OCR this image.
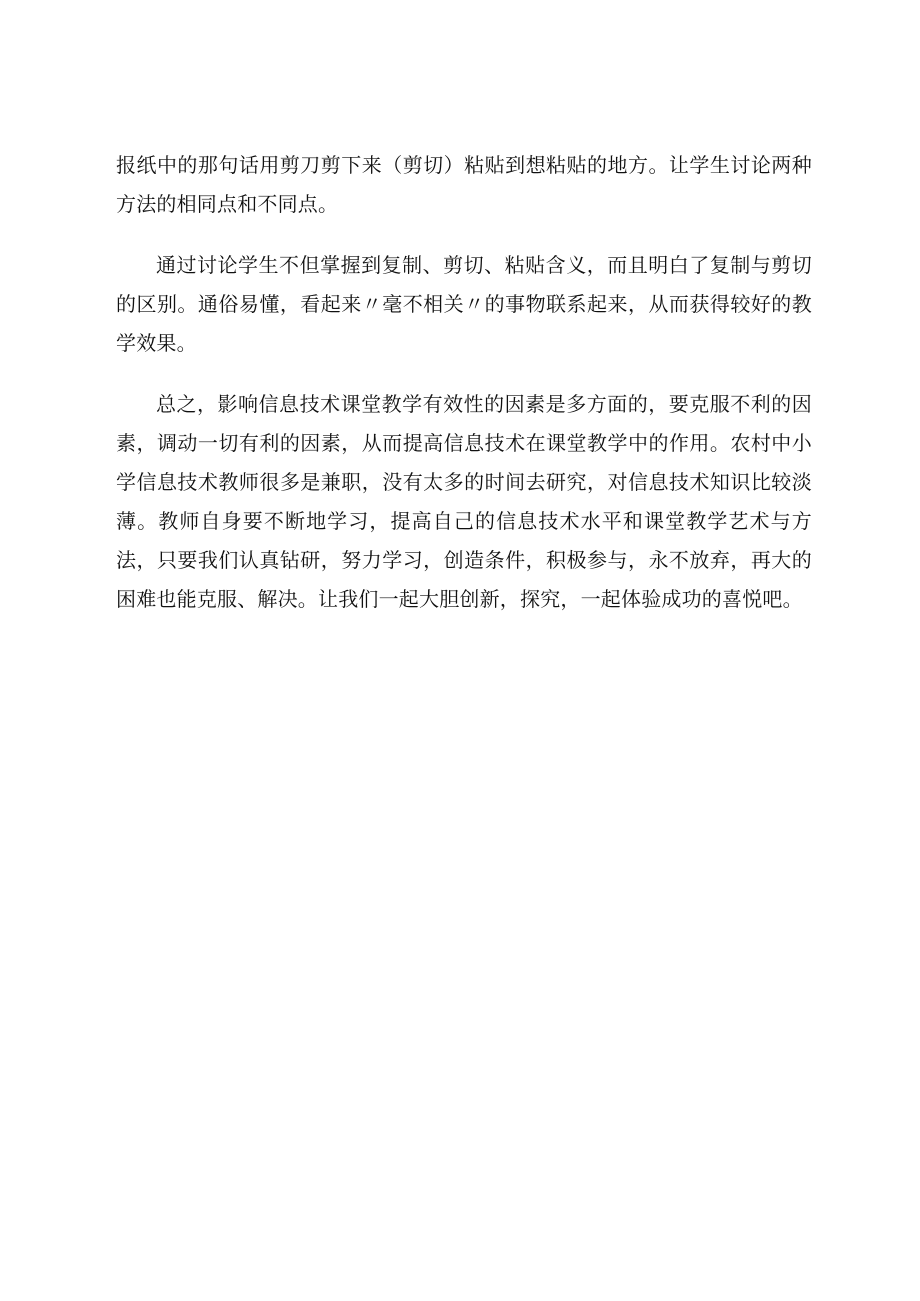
报纸中的那句话用剪刀剪下来（剪切）粘贴到想粘贴的地方。让学生讨论两种方法的相同点和不同点。

通过讨论学生不但掌握到复制、剪切、粘贴含义，而且明白了复制与剪切的区别。通俗易懂，看起来〃毫不相关〃的事物联系起来，从而获得较好的教学效果。

总之，影响信息技术课堂教学有效性的因素是多方面的，要克服不利的因素，调动一切有利的因素，从而提高信息技术在课堂教学中的作用。农村中小学信息技术教师很多是兼职，没有太多的时间去研究，对信息技术知识比较淡薄。教师自身要不断地学习，提高自己的信息技术水平和课堂教学艺术与方法，只要我们认真钻研，努力学习，创造条件，积极参与，永不放弃，再大的困难也能克服、解决。让我们一起大胆创新，探究，一起体验成功的喜悦吧。
